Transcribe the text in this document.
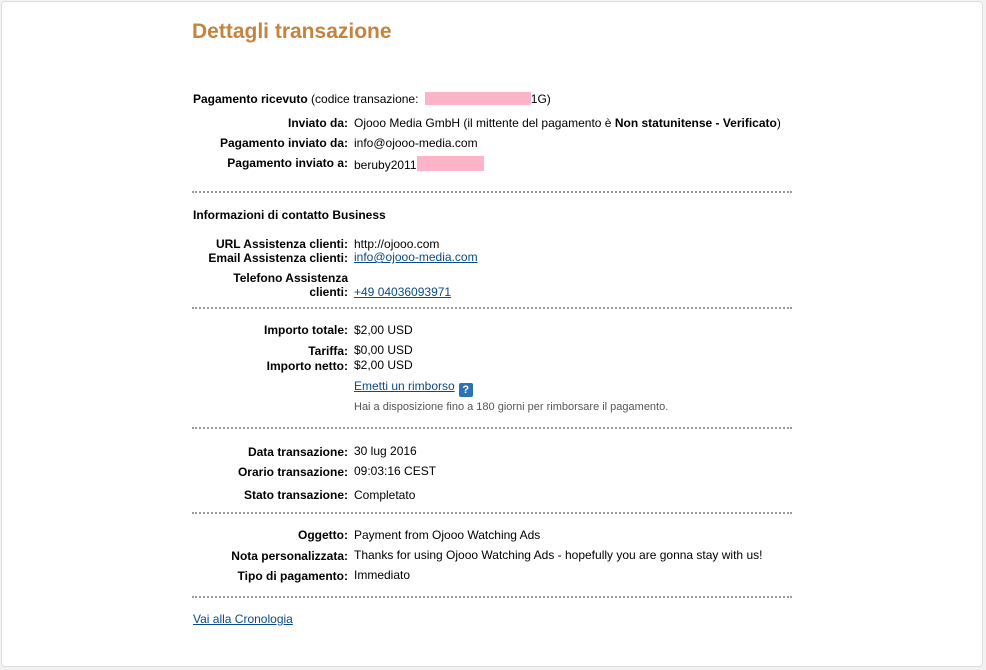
Dettagli transazione
Pagamento ricevuto (codice transazione:	1G)
Inviato da: Ojooo Media GmbH (il mittente del pagamento è Non statunitense - Verificato)
Pagamento inviato da: info@ojooo-media.com
Pagamento inviato a: beruby2011
Informazioni di contatto Business
URL Assistenza clienti: http://ojooo.com
Email Assistenza clienti: info@ojooo-media.com
Telefono Assistenza
clienti: +49 04036093971
Importo totale: $2,00 USD
Tariffa: $0,00 USD
Importo netto: $2,00 USD
Emetti un rimborso ?
Hai a disposizione fino a 180 giorni per rimborsare il pagamento.
Data transazione: 30 lug 2016
Orario transazione: 09:03:16 CEST
Stato transazione: Completato
Oggetto: Payment from Ojooo Watching Ads
Nota personalizzata: Thanks for using Ojooo Watching Ads - hopefully you are gonna stay with us!
Tipo di pagamento: Immediato
Vai alla Cronologia
